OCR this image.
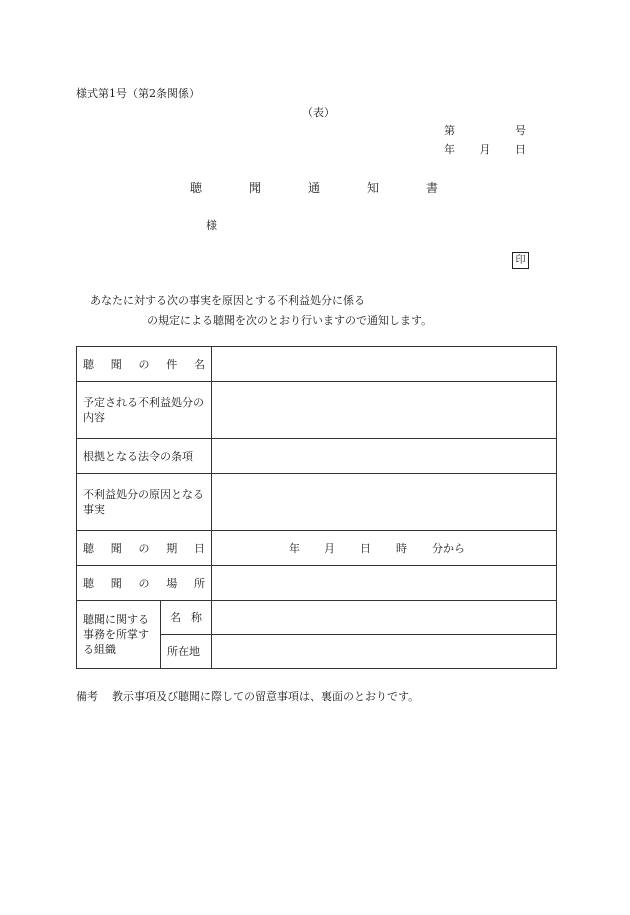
様式第1号（第2条関係）
（表）
第	号
年 月 日
聴	聞	通	知	書
様
印
あなたに対する次の事実を原因とする不利益処分に係る
の規定による聴聞を次のとおり行いますので通知します。
聴 聞 の 件 名		

予定される不利益処分の内容		
根拠となる法令の条項		
不利益処分の原因となる事実		

聴 聞 の 期 日		年 月 日 時 分から

聴 聞 の 場 所		

聴聞に関する事務を所掌する組織	名 称	

	所在地	
備考 教示事項及び聴聞に際しての留意事項は、裏面のとおりです。
